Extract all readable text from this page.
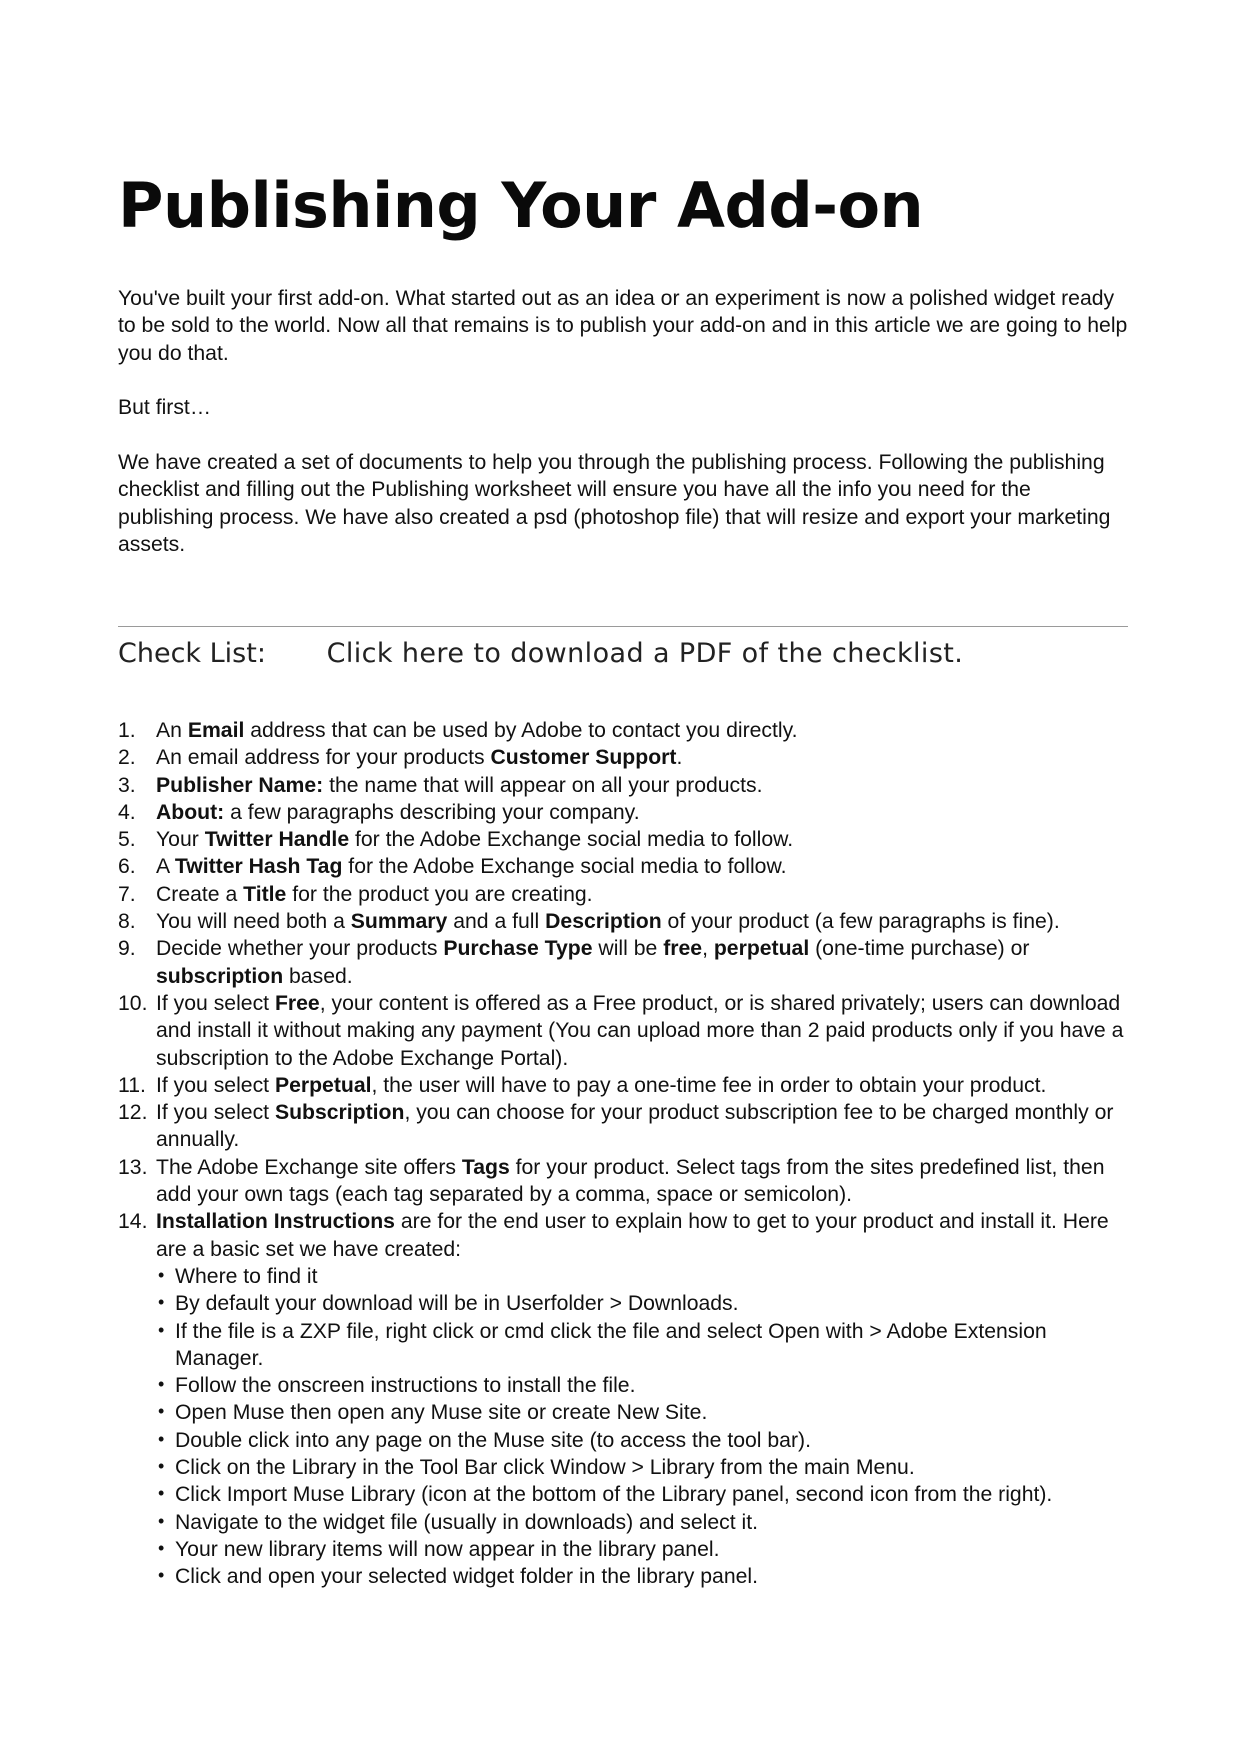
Publishing Your Add-on

You've built your first add-on. What started out as an idea or an experiment is now a polished widget ready to be sold to the world. Now all that remains is to publish your add-on and in this article we are going to help you do that.

But first…

We have created a set of documents to help you through the publishing process. Following the publishing checklist and filling out the Publishing worksheet will ensure you have all the info you need for the publishing process. We have also created a psd (photoshop file) that will resize and export your marketing assets.

Check List: Click here to download a PDF of the checklist.
1. An Email address that can be used by Adobe to contact you directly.
2. An email address for your products Customer Support.
3. Publisher Name: the name that will appear on all your products.
4. About: a few paragraphs describing your company.
5. Your Twitter Handle for the Adobe Exchange social media to follow.
6. A Twitter Hash Tag for the Adobe Exchange social media to follow.
7. Create a Title for the product you are creating.
8. You will need both a Summary and a full Description of your product (a few paragraphs is fine).
9. Decide whether your products Purchase Type will be free, perpetual (one-time purchase) or subscription based.
10. If you select Free, your content is offered as a Free product, or is shared privately; users can download and install it without making any payment (You can upload more than 2 paid products only if you have a subscription to the Adobe Exchange Portal).
11. If you select Perpetual, the user will have to pay a one-time fee in order to obtain your product.
12. If you select Subscription, you can choose for your product subscription fee to be charged monthly or annually.
13. The Adobe Exchange site offers Tags for your product. Select tags from the sites predefined list, then add your own tags (each tag separated by a comma, space or semicolon).
14. Installation Instructions are for the end user to explain how to get to your product and install it. Here are a basic set we have created:
• Where to find it
• By default your download will be in Userfolder > Downloads.
• If the file is a ZXP file, right click or cmd click the file and select Open with > Adobe Extension Manager.
• Follow the onscreen instructions to install the file.
• Open Muse then open any Muse site or create New Site.
• Double click into any page on the Muse site (to access the tool bar).
• Click on the Library in the Tool Bar click Window > Library from the main Menu.
• Click Import Muse Library (icon at the bottom of the Library panel, second icon from the right).
• Navigate to the widget file (usually in downloads) and select it.
• Your new library items will now appear in the library panel.
• Click and open your selected widget folder in the library panel.
